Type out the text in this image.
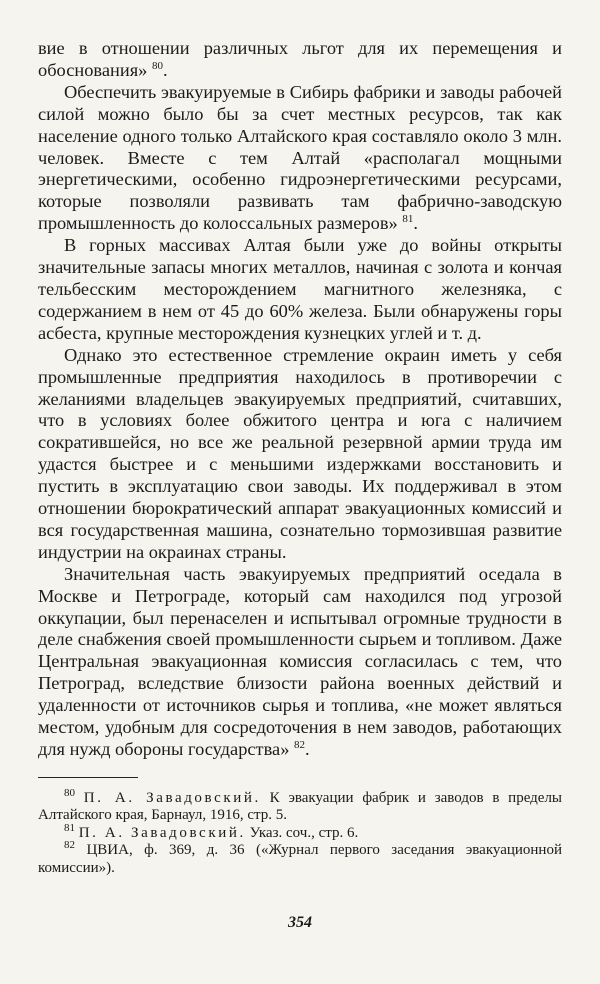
вие в отношении различных льгот для их перемещения и обоснования» $^{80}$.

Обеспечить эвакуируемые в Сибирь фабрики и заводы рабочей силой можно было бы за счет местных ресурсов, так как население одного только Алтайского края составляло около 3 млн. человек. Вместе с тем Алтай «располагал мощными энергетическими, особенно гидроэнергетическими ресурсами, которые позволяли развивать там фабрично-заводскую промышленность до колоссальных размеров» $^{81}$.

В горных массивах Алтая были уже до войны открыты значительные запасы многих металлов, начиная с золота и кончая тельбесским месторождением магнитного железняка, с содержанием в нем от 45 до 60% железа. Были обнаружены горы асбеста, крупные месторождения кузнецких углей и т. д.

Однако это естественное стремление окраин иметь у себя промышленные предприятия находилось в противоречии с желаниями владельцев эвакуируемых предприятий, считавших, что в условиях более обжитого центра и юга с наличием сократившейся, но все же реальной резервной армии труда им удастся быстрее и с меньшими издержками восстановить и пустить в эксплуатацию свои заводы. Их поддерживал в этом отношении бюрократический аппарат эвакуационных комиссий и вся государственная машина, сознательно тормозившая развитие индустрии на окраинах страны.

Значительная часть эвакуируемых предприятий оседала в Москве и Петрограде, который сам находился под угрозой оккупации, был перенаселен и испытывал огромные трудности в деле снабжения своей промышленности сырьем и топливом. Даже Центральная эвакуационная комиссия согласилась с тем, что Петроград, вследствие близости района военных действий и удаленности от источников сырья и топлива, «не может являться местом, удобным для сосредоточения в нем заводов, работающих для нужд обороны государства» $^{82}$.

$^{80}$ П. А. Завадовский. К эвакуации фабрик и заводов в пределы Алтайского края, Барнаул, 1916, стр. 5.

$^{81}$ П. А. Завадовский. Указ. соч., стр. 6.

$^{82}$ ЦВИА, ф. 369, д. 36 («Журнал первого заседания эвакуационной комиссии»).

354
